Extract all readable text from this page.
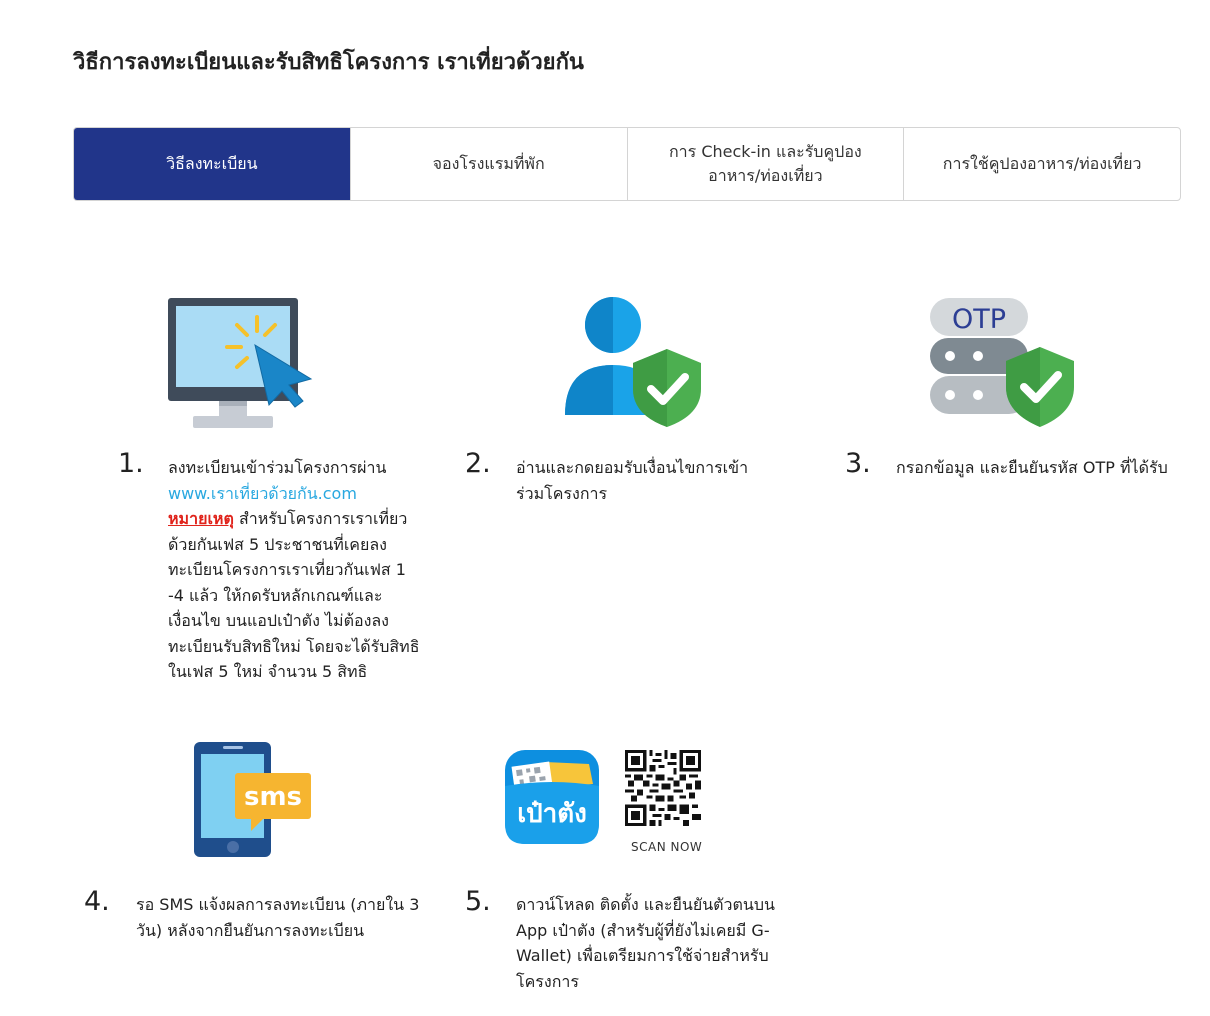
วิธีการลงทะเบียนและรับสิทธิโครงการ เราเที่ยวด้วยกัน
วิธีลงทะเบียน	จองโรงแรมที่พัก
การ Check-in และรับคูปองอาหาร/ท่องเที่ยว
การใช้คูปองอาหาร/ท่องเที่ยว
1. ลงทะเบียนเข้าร่วมโครงการผ่าน
www.เราเที่ยวด้วยกัน.com
หมายเหตุ สำหรับโครงการเราเที่ยวด้วยกันเฟส 5 ประชาชนที่เคยลงทะเบียนโครงการเราเที่ยวกันเฟส 1 -4 แล้ว ให้กดรับหลักเกณฑ์และเงื่อนไข บนแอปเป๋าตัง ไม่ต้องลงทะเบียนรับสิทธิใหม่ โดยจะได้รับสิทธิในเฟส 5 ใหม่ จำนวน 5 สิทธิ
2. อ่านและกดยอมรับเงื่อนไขการเข้าร่วมโครงการ
OTP
3. กรอกข้อมูล และยืนยันรหัส OTP ที่ได้รับ
sms
4. รอ SMS แจ้งผลการลงทะเบียน (ภายใน 3 วัน) หลังจากยืนยันการลงทะเบียน
เป๋าตัง
SCAN NOW
5. ดาวน์โหลด ติดตั้ง และยืนยันตัวตนบน App เป๋าตัง (สำหรับผู้ที่ยังไม่เคยมี G-Wallet) เพื่อเตรียมการใช้จ่ายสำหรับโครงการ
